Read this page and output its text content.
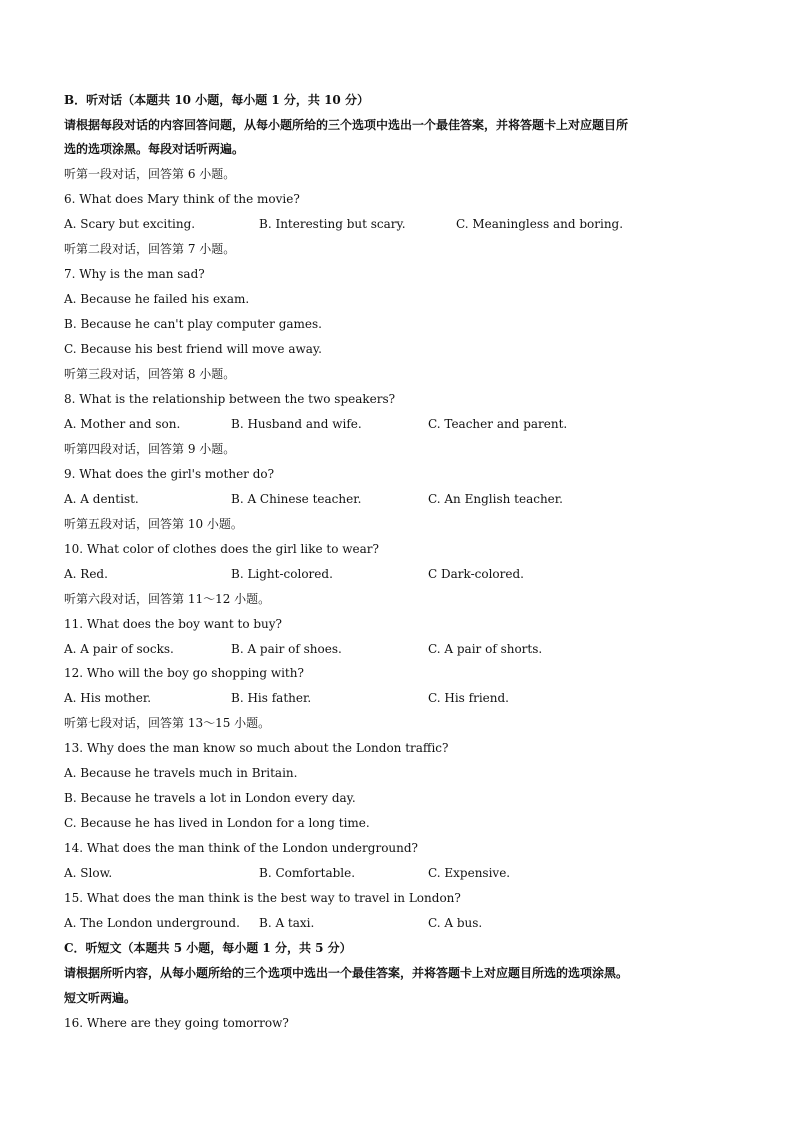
B．听对话（本题共 10 小题，每小题 1 分，共 10 分）
请根据每段对话的内容回答问题，从每小题所给的三个选项中选出一个最佳答案，并将答题卡上对应题目所
选的选项涂黑。每段对话听两遍。
听第一段对话，回答第 6 小题。
6. What does Mary think of the movie?
A. Scary but exciting.	B. Interesting but scary.	C. Meaningless and boring.
听第二段对话，回答第 7 小题。
7. Why is the man sad?
A. Because he failed his exam.
B. Because he can't play computer games.
C. Because his best friend will move away.
听第三段对话，回答第 8 小题。
8. What is the relationship between the two speakers?
A. Mother and son.	B. Husband and wife.	C. Teacher and parent.
听第四段对话，回答第 9 小题。
9. What does the girl's mother do?
A. A dentist.	B. A Chinese teacher.	C. An English teacher.
听第五段对话，回答第 10 小题。
10. What color of clothes does the girl like to wear?
A. Red.	B. Light-colored.	C Dark-colored.
听第六段对话，回答第 11～12 小题。
11. What does the boy want to buy?
A. A pair of socks.	B. A pair of shoes.	C. A pair of shorts.
12. Who will the boy go shopping with?
A. His mother.	B. His father.	C. His friend.
听第七段对话，回答第 13～15 小题。
13. Why does the man know so much about the London traffic?
A. Because he travels much in Britain.
B. Because he travels a lot in London every day.
C. Because he has lived in London for a long time.
14. What does the man think of the London underground?
A. Slow.	B. Comfortable.	C. Expensive.
15. What does the man think is the best way to travel in London?
A. The London underground. B. A taxi.	C. A bus.
C．听短文（本题共 5 小题，每小题 1 分，共 5 分）
请根据所听内容，从每小题所给的三个选项中选出一个最佳答案，并将答题卡上对应题目所选的选项涂黑。
短文听两遍。
16. Where are they going tomorrow?
